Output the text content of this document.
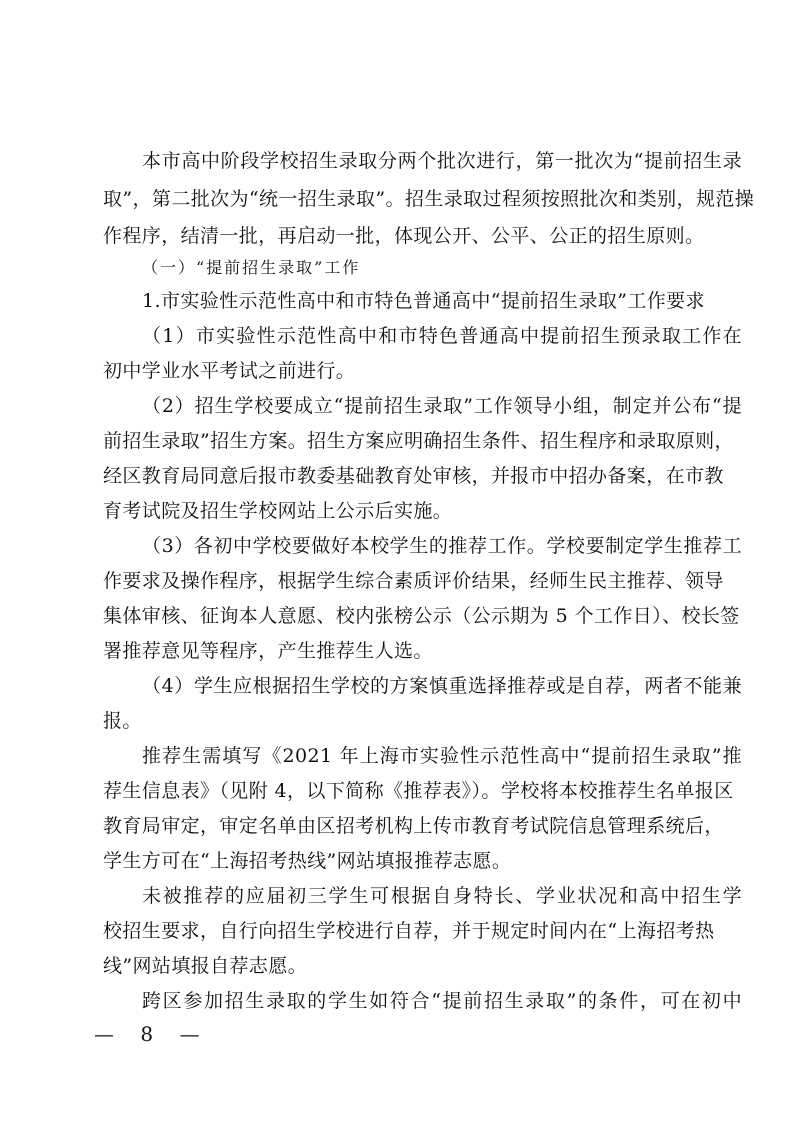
本市高中阶段学校招生录取分两个批次进行，第一批次为“提前招生录
取”，第二批次为“统一招生录取”。招生录取过程须按照批次和类别，规范操
作程序，结清一批，再启动一批，体现公开、公平、公正的招生原则。
（一）“提前招生录取”工作
1.市实验性示范性高中和市特色普通高中“提前招生录取”工作要求
（1）市实验性示范性高中和市特色普通高中提前招生预录取工作在
初中学业水平考试之前进行。
（2）招生学校要成立“提前招生录取”工作领导小组，制定并公布“提
前招生录取”招生方案。招生方案应明确招生条件、招生程序和录取原则，
经区教育局同意后报市教委基础教育处审核，并报市中招办备案，在市教
育考试院及招生学校网站上公示后实施。
（3）各初中学校要做好本校学生的推荐工作。学校要制定学生推荐工
作要求及操作程序，根据学生综合素质评价结果，经师生民主推荐、领导
集体审核、征询本人意愿、校内张榜公示（公示期为 5 个工作日）、校长签
署推荐意见等程序，产生推荐生人选。
（4）学生应根据招生学校的方案慎重选择推荐或是自荐，两者不能兼
报。
推荐生需填写《2021 年上海市实验性示范性高中“提前招生录取”推
荐生信息表》（见附 4，以下简称《推荐表》）。学校将本校推荐生名单报区
教育局审定，审定名单由区招考机构上传市教育考试院信息管理系统后，
学生方可在“上海招考热线”网站填报推荐志愿。
未被推荐的应届初三学生可根据自身特长、学业状况和高中招生学
校招生要求，自行向招生学校进行自荐，并于规定时间内在“上海招考热
线”网站填报自荐志愿。
跨区参加招生录取的学生如符合“提前招生录取”的条件，可在初中
— 8 —
